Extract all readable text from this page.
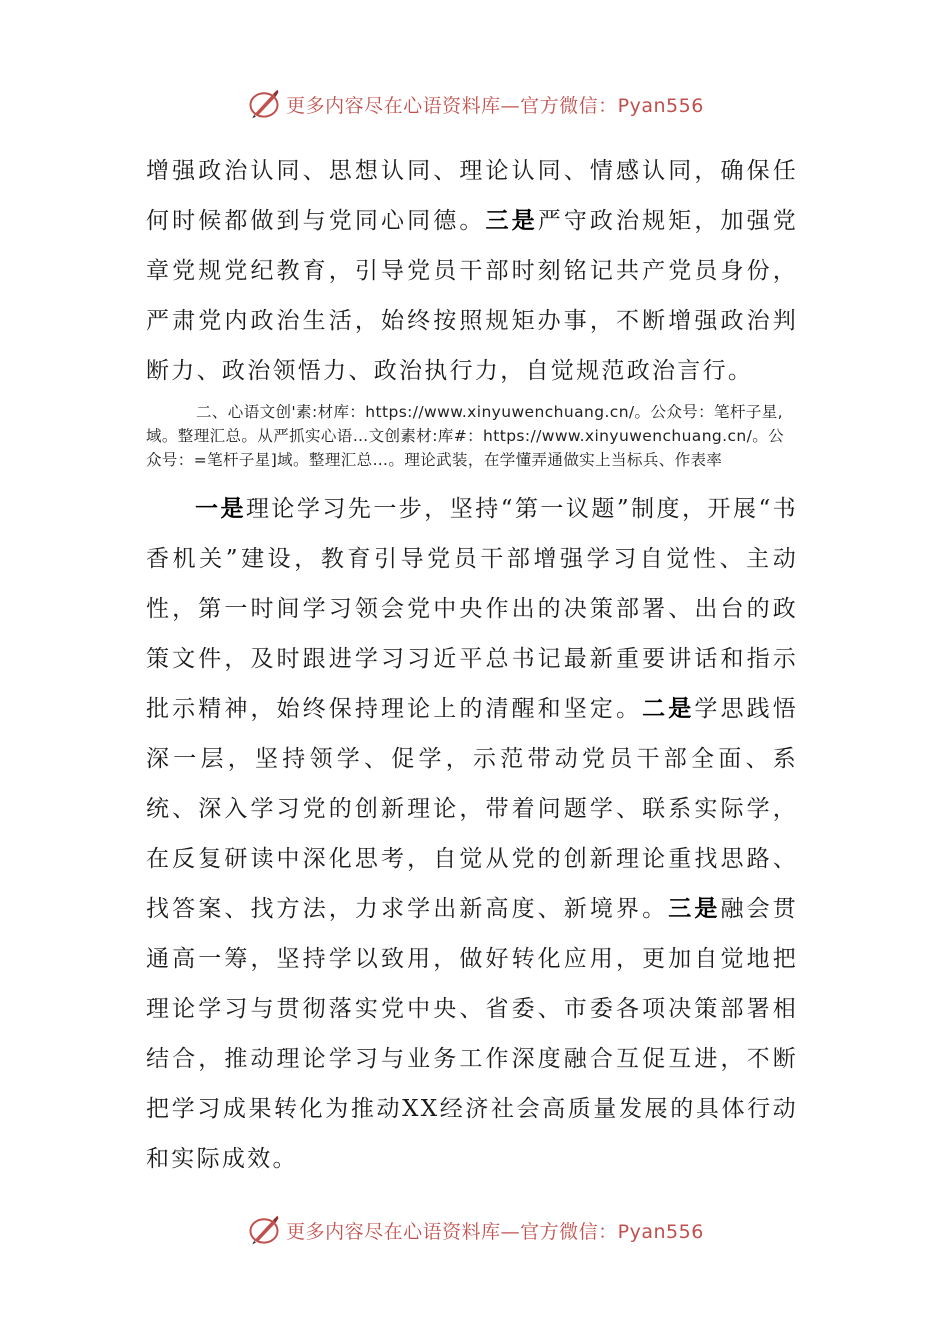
更多内容尽在心语资料库—官方微信：Pyan556

增强政治认同、思想认同、理论认同、情感认同，确保任何时候都做到与党同心同德。三是严守政治规矩，加强党章党规党纪教育，引导党员干部时刻铭记共产党员身份，严肃党内政治生活，始终按照规矩办事，不断增强政治判断力、政治领悟力、政治执行力，自觉规范政治言行。

二、心语文创'素:材库：https://www.xinyuwenchuang.cn/。公众号：笔杆子星,域。整理汇总。从严抓实心语…文创素材:库#：https://www.xinyuwenchuang.cn/。公众号：=笔杆子星]域。整理汇总…。理论武装，在学懂弄通做实上当标兵、作表率

一是理论学习先一步，坚持“第一议题”制度，开展“书香机关”建设，教育引导党员干部增强学习自觉性、主动性，第一时间学习领会党中央作出的决策部署、出台的政策文件，及时跟进学习习近平总书记最新重要讲话和指示批示精神，始终保持理论上的清醒和坚定。二是学思践悟深一层，坚持领学、促学，示范带动党员干部全面、系统、深入学习党的创新理论，带着问题学、联系实际学，在反复研读中深化思考，自觉从党的创新理论重找思路、找答案、找方法，力求学出新高度、新境界。三是融会贯通高一筹，坚持学以致用，做好转化应用，更加自觉地把理论学习与贯彻落实党中央、省委、市委各项决策部署相结合，推动理论学习与业务工作深度融合互促互进，不断把学习成果转化为推动XX经济社会高质量发展的具体行动和实际成效。

更多内容尽在心语资料库—官方微信：Pyan556
